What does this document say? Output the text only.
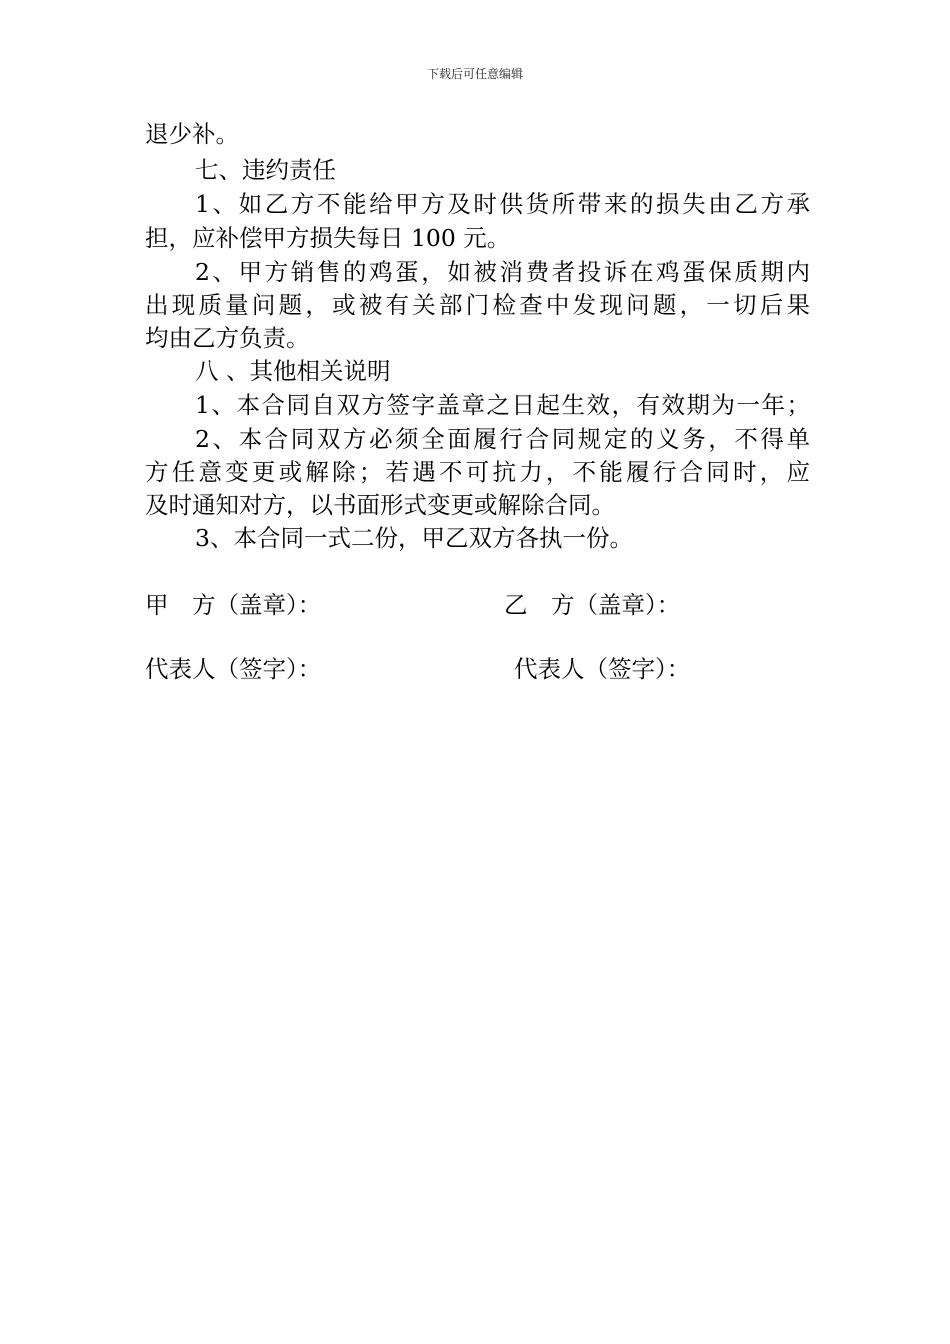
下载后可任意编辑
退少补。
七、违约责任
1、如乙方不能给甲方及时供货所带来的损失由乙方承
担，应补偿甲方损失每日 100 元。
2、甲方销售的鸡蛋，如被消费者投诉在鸡蛋保质期内
出现质量问题，或被有关部门检查中发现问题，一切后果
均由乙方负责。
八 、其他相关说明
1、本合同自双方签字盖章之日起生效，有效期为一年；
2、本合同双方必须全面履行合同规定的义务，不得单
方任意变更或解除；若遇不可抗力，不能履行合同时，应
及时通知对方，以书面形式变更或解除合同。
3、本合同一式二份，甲乙双方各执一份。
甲　方（盖章）：	乙　方（盖章）：
代表人（签字）：	代表人（签字）：
